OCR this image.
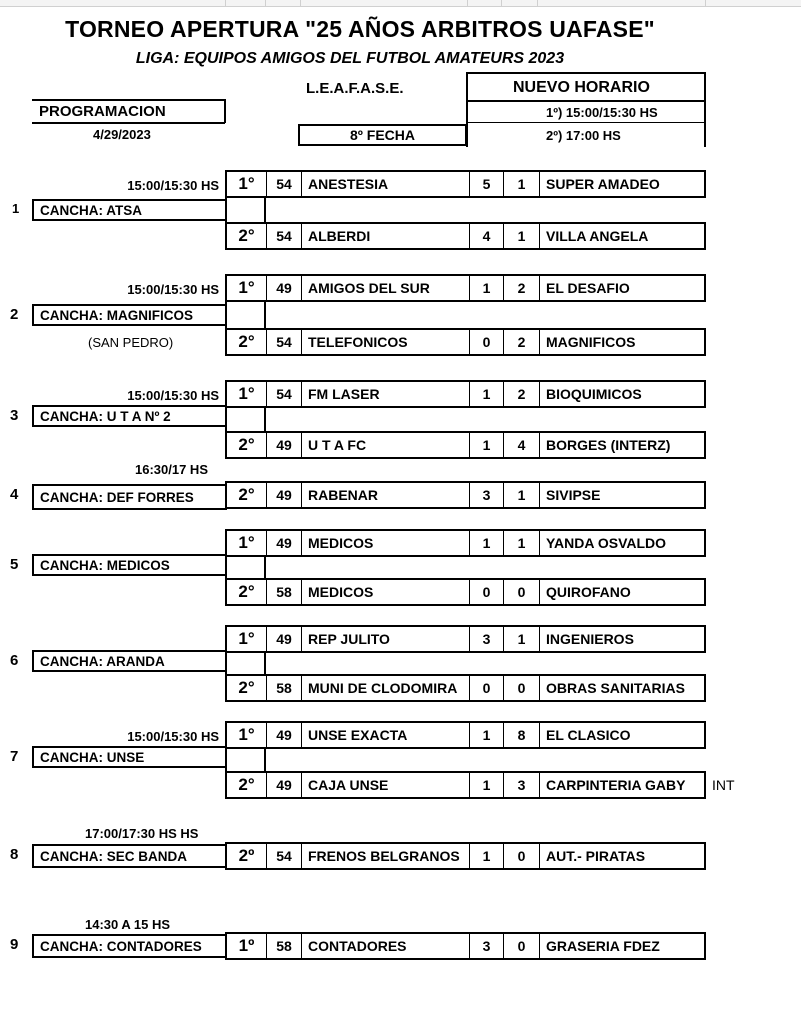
TORNEO APERTURA "25 AÑOS ARBITROS UAFASE"
LIGA: EQUIPOS AMIGOS DEL FUTBOL AMATEURS 2023
L.E.A.F.A.S.E.
PROGRAMACION
4/29/2023	8º FECHA
NUEVO HORARIO
1º) 15:00/15:30 HS
2º) 17:00 HS
1
15:00/15:30 HS
CANCHA: ATSA
1°	54	ANESTESIA	5	1	SUPER AMADEO
2°	54	ALBERDI	4	1	VILLA ANGELA
2
15:00/15:30 HS
CANCHA: MAGNIFICOS
(SAN PEDRO)
1°	49	AMIGOS DEL SUR	1	2	EL DESAFIO
2°	54	TELEFONICOS	0	2	MAGNIFICOS
3
15:00/15:30 HS
CANCHA: U T A Nº 2
1°	54	FM LASER	1	2	BIOQUIMICOS
2°	49	U T A FC	1	4	BORGES (INTERZ)
4
16:30/17 HS
CANCHA: DEF FORRES	2°	49	RABENAR	3	1	SIVIPSE
5	CANCHA: MEDICOS
1°	49	MEDICOS	1	1	YANDA OSVALDO
2°	58	MEDICOS	0	0	QUIROFANO
6	CANCHA: ARANDA
1°	49	REP JULITO	3	1	INGENIEROS
2°	58	MUNI DE CLODOMIRA	0	0	OBRAS SANITARIAS
7
15:00/15:30 HS
CANCHA: UNSE
1°	49	UNSE EXACTA	1	8	EL CLASICO
2°	49	CAJA UNSE	1	3	CARPINTERIA GABY	INT
8
17:00/17:30 HS HS
CANCHA: SEC BANDA	2º	54	FRENOS BELGRANOS	1	0	AUT.- PIRATAS
9
14:30 A 15 HS
CANCHA: CONTADORES	1º	58	CONTADORES	3	0	GRASERIA FDEZ
